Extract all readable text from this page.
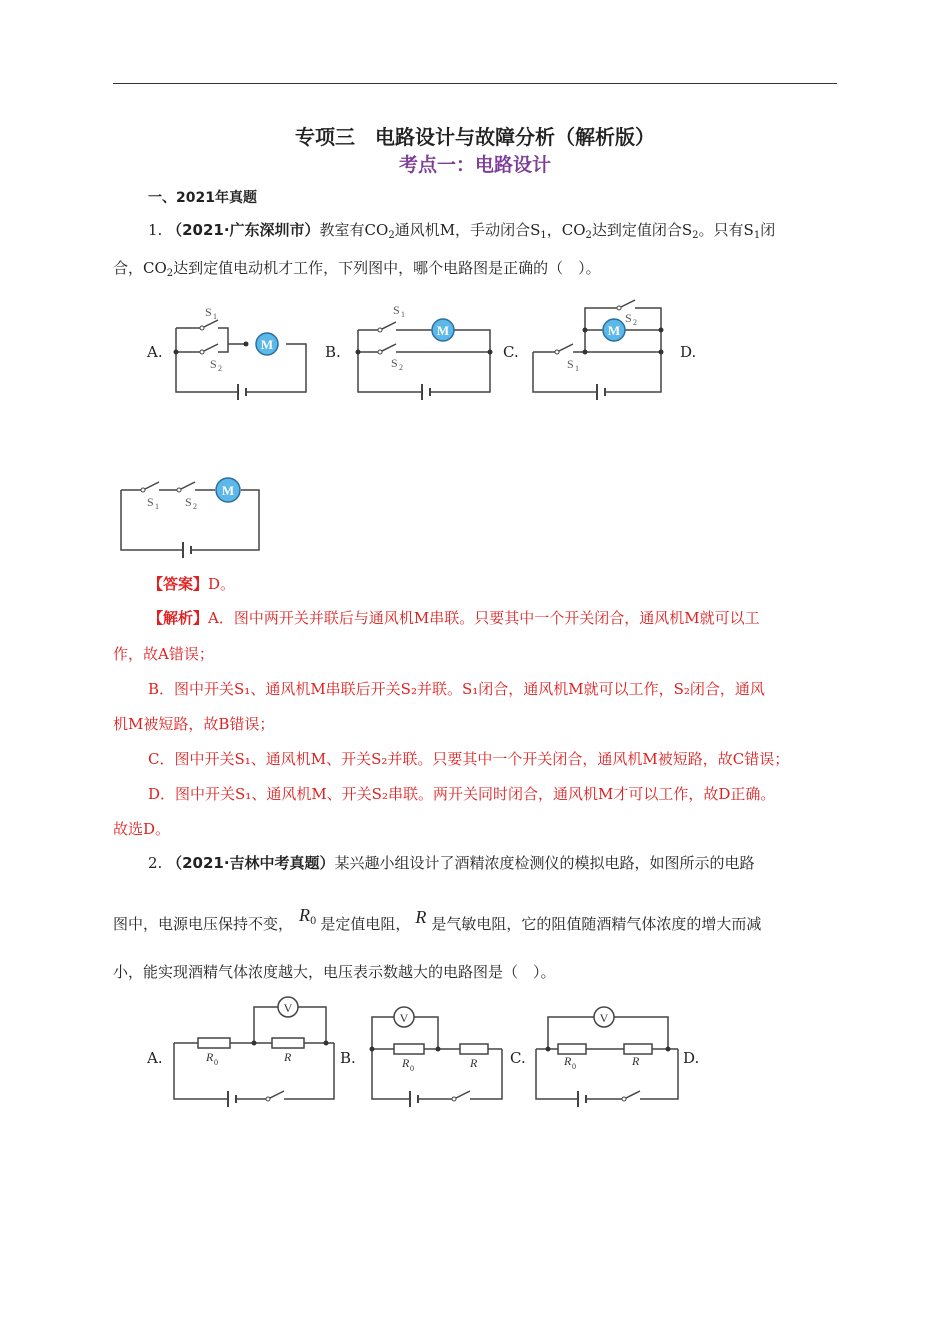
专项三　电路设计与故障分析（解析版）
考点一：电路设计
一、2021年真题
1. （2021·广东深圳市）教室有$CO_2$通风机M，手动闭合$S_1$，$CO_2$达到定值闭合$S_2$。只有$S_1$闭
合，$CO_2$达到定值电动机才工作，下列图中，哪个电路图是正确的（　）。
A.	B.	C.	D.
M
S 1
S 2
M
S 1
S 2
M
S 2
S 1
M
S 1 S 2
【答案】D。
【解析】A．图中两开关并联后与通风机M串联。只要其中一个开关闭合，通风机M就可以工
作，故A错误；
B．图中开关S₁、通风机M串联后开关S₂并联。S₁闭合，通风机M就可以工作，S₂闭合，通风
机M被短路，故B错误；
C．图中开关S₁、通风机M、开关S₂并联。只要其中一个开关闭合，通风机M被短路，故C错误；
D．图中开关S₁、通风机M、开关S₂串联。两开关同时闭合，通风机M才可以工作，故D正确。
故选D。
2. （2021·吉林中考真题）某兴趣小组设计了酒精浓度检测仪的模拟电路，如图所示的电路
图中，电源电压保持不变， $R^0$ 是定值电阻， R 是气敏电阻，它的阻值随酒精气体浓度的增大而减
小，能实现酒精气体浓度越大，电压表示数越大的电路图是（　）。
A.	B.	C.	D.
V
R 0	R
V
R 0	R
V
R 0	R
